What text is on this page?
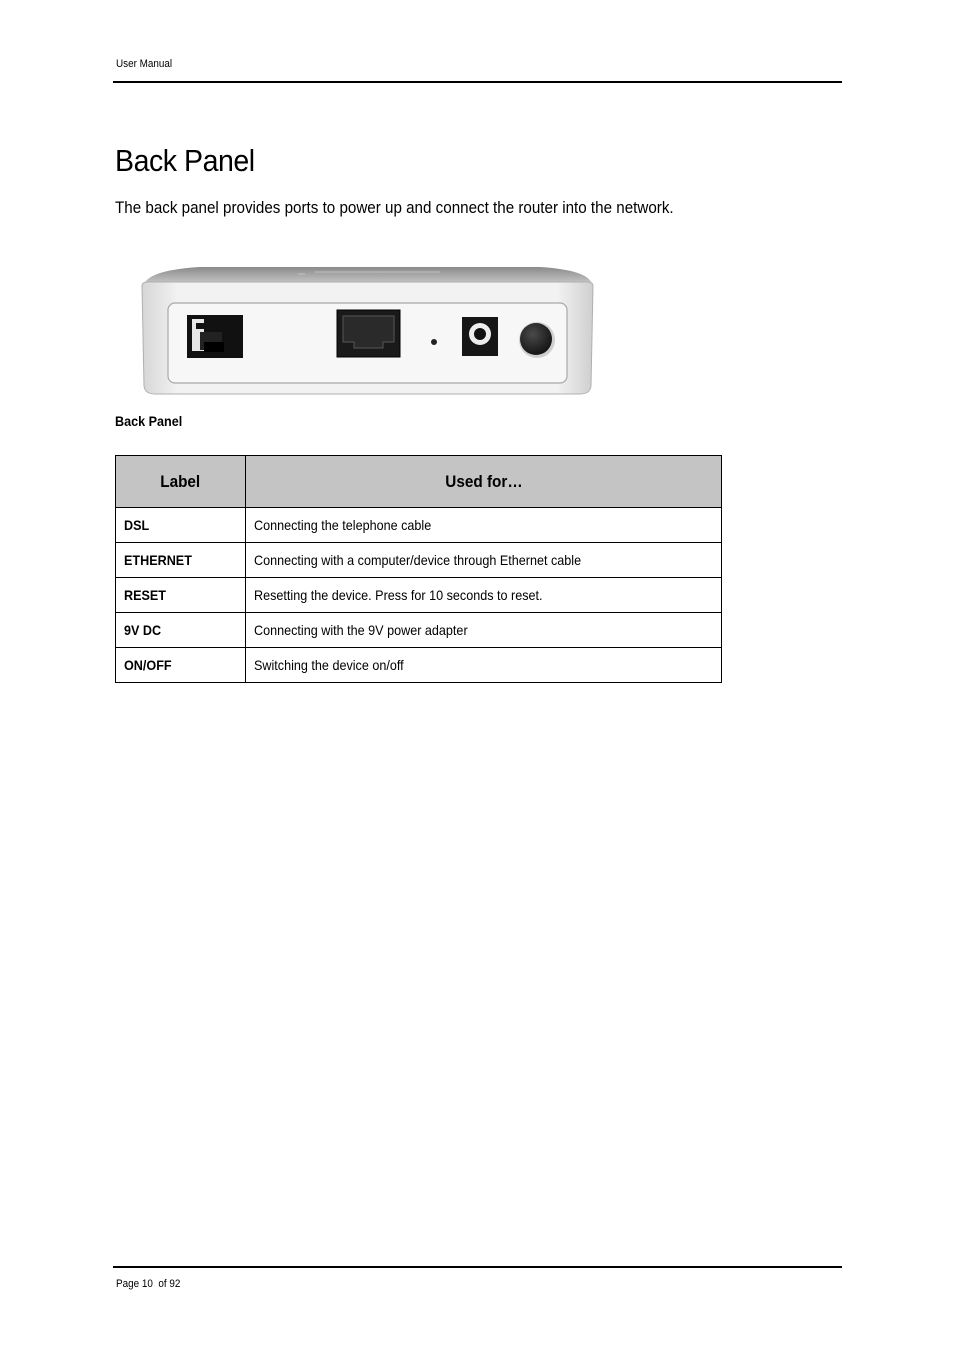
User Manual
Back Panel

The back panel provides ports to power up and connect the router into the network.

Back Panel
Label	Used for…
DSL	Connecting the telephone cable
ETHERNET	Connecting with a computer/device through Ethernet cable
RESET	Resetting the device. Press for 10 seconds to reset.
9V DC	Connecting with the 9V power adapter
ON/OFF	Switching the device on/off
Page 10  of 92
